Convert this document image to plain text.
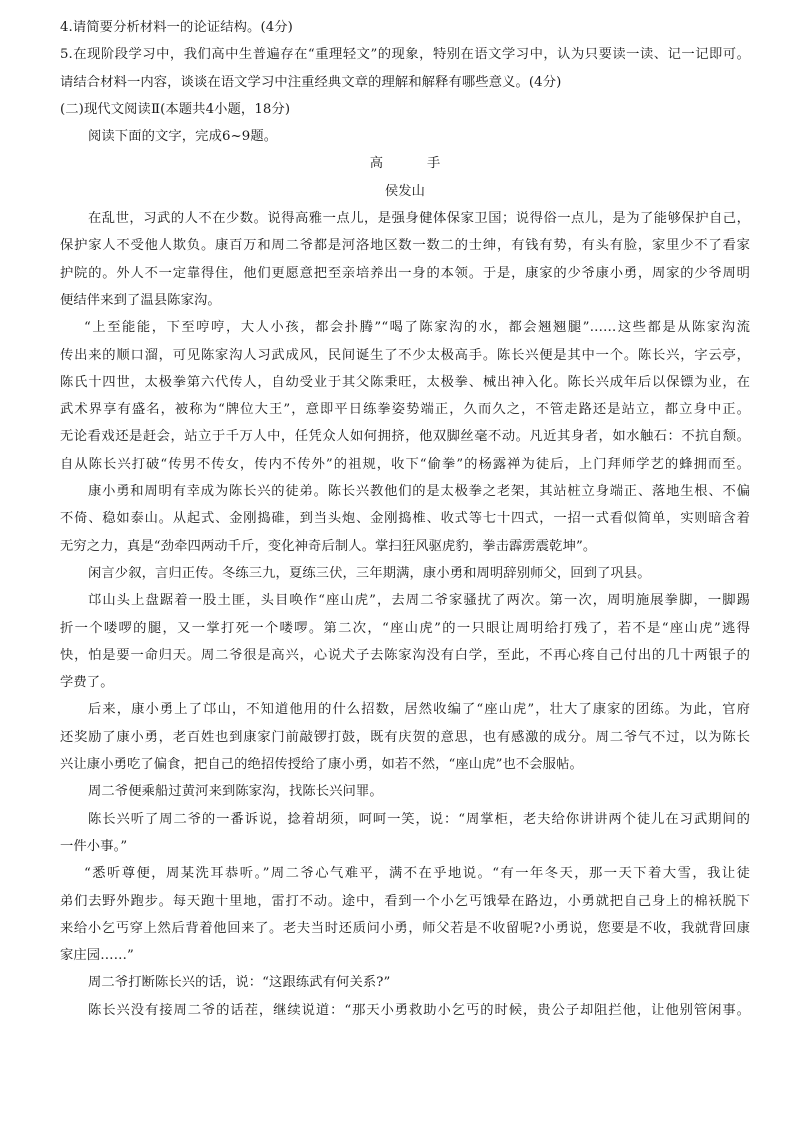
4.请简要分析材料一的论证结构。(4分)
5.在现阶段学习中，我们高中生普遍存在“重理轻文”的现象，特别在语文学习中，认为只要读一读、记一记即可。
请结合材料一内容，谈谈在语文学习中注重经典文章的理解和解释有哪些意义。(4分)
(二)现代文阅读Ⅱ(本题共4小题，18分)
阅读下面的文字，完成6~9题。
高	手
侯发山
在乱世，习武的人不在少数。说得高雅一点儿，是强身健体保家卫国；说得俗一点儿，是为了能够保护自己，
保护家人不受他人欺负。康百万和周二爷都是河洛地区数一数二的士绅，有钱有势，有头有脸，家里少不了看家
护院的。外人不一定靠得住，他们更愿意把至亲培养出一身的本领。于是，康家的少爷康小勇，周家的少爷周明
便结伴来到了温县陈家沟。
“上至能能，下至哼哼，大人小孩，都会扑腾”“喝了陈家沟的水，都会翘翘腿”……这些都是从陈家沟流
传出来的顺口溜，可见陈家沟人习武成风，民间诞生了不少太极高手。陈长兴便是其中一个。陈长兴，字云亭，
陈氏十四世，太极拳第六代传人，自幼受业于其父陈秉旺，太极拳、械出神入化。陈长兴成年后以保镖为业，在
武术界享有盛名，被称为“牌位大王”，意即平日练拳姿势端正，久而久之，不管走路还是站立，都立身中正。
无论看戏还是赶会，站立于千万人中，任凭众人如何拥挤，他双脚丝毫不动。凡近其身者，如水触石：不抗自颓。
自从陈长兴打破“传男不传女，传内不传外”的祖规，收下“偷拳”的杨露禅为徒后，上门拜师学艺的蜂拥而至。
康小勇和周明有幸成为陈长兴的徒弟。陈长兴教他们的是太极拳之老架，其站桩立身端正、落地生根、不偏
不倚、稳如泰山。从起式、金刚捣碓，到当头炮、金刚捣椎、收式等七十四式，一招一式看似简单，实则暗含着
无穷之力，真是“劲牵四两动千斤，变化神奇后制人。掌扫狂风驱虎豹，拳击霹雳震乾坤”。
闲言少叙，言归正传。冬练三九，夏练三伏，三年期满，康小勇和周明辞别师父，回到了巩县。
邙山头上盘踞着一股土匪，头目唤作“座山虎”，去周二爷家骚扰了两次。第一次，周明施展拳脚，一脚踢
折一个喽啰的腿，又一掌打死一个喽啰。第二次，“座山虎”的一只眼让周明给打残了，若不是“座山虎”逃得
快，怕是要一命归天。周二爷很是高兴，心说犬子去陈家沟没有白学，至此，不再心疼自己付出的几十两银子的
学费了。
后来，康小勇上了邙山，不知道他用的什么招数，居然收编了“座山虎”，壮大了康家的团练。为此，官府
还奖励了康小勇，老百姓也到康家门前敲锣打鼓，既有庆贺的意思，也有感激的成分。周二爷气不过，以为陈长
兴让康小勇吃了偏食，把自己的绝招传授给了康小勇，如若不然，“座山虎”也不会服帖。
周二爷便乘船过黄河来到陈家沟，找陈长兴问罪。
陈长兴听了周二爷的一番诉说，捻着胡须，呵呵一笑，说：“周掌柜，老夫给你讲讲两个徒儿在习武期间的
一件小事。”
“悉听尊便，周某洗耳恭听。”周二爷心气难平，满不在乎地说。“有一年冬天，那一天下着大雪，我让徒
弟们去野外跑步。每天跑十里地，雷打不动。途中，看到一个小乞丐饿晕在路边，小勇就把自己身上的棉袄脱下
来给小乞丐穿上然后背着他回来了。老夫当时还质问小勇，师父若是不收留呢?小勇说，您要是不收，我就背回康
家庄园……”
周二爷打断陈长兴的话，说：“这跟练武有何关系?”
陈长兴没有接周二爷的话茬，继续说道：“那天小勇救助小乞丐的时候，贵公子却阻拦他，让他别管闲事。
